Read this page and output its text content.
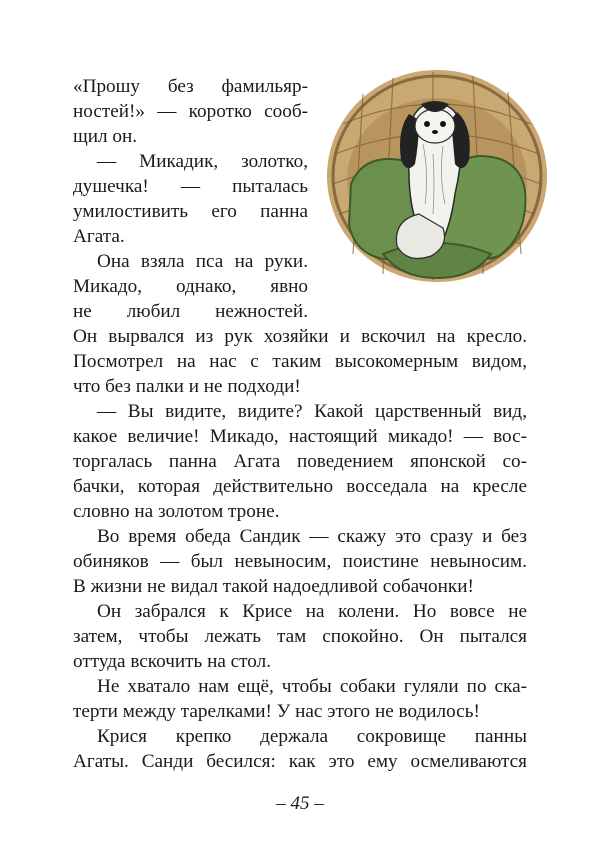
«Прошу без фамильяр-
ностей!» — коротко сооб-
щил он.

— Микадик, золотко,
душечка! — пыталась
умилостивить его панна
Агата.

Она взяла пса на руки.
Микадо, однако, явно
не любил нежностей.
Он вырвался из рук хозяйки и вскочил на кресло.
Посмотрел на нас с таким высокомерным видом,
что без палки и не подходи!

— Вы видите, видите? Какой царственный вид,
какое величие! Микадо, настоящий микадо! — вос-
торгалась панна Агата поведением японской со-
бачки, которая действительно восседала на кресле
словно на золотом троне.

Во время обеда Сандик — скажу это сразу и без
обиняков — был невыносим, поистине невыносим.
В жизни не видал такой надоедливой собачонки!

Он забрался к Крисе на колени. Но вовсе не
затем, чтобы лежать там спокойно. Он пытался
оттуда вскочить на стол.

Не хватало нам ещё, чтобы собаки гуляли по ска-
терти между тарелками! У нас этого не водилось!

Крися крепко держала сокровище панны
Агаты. Санди бесился: как это ему осмеливаются

– 45 –
